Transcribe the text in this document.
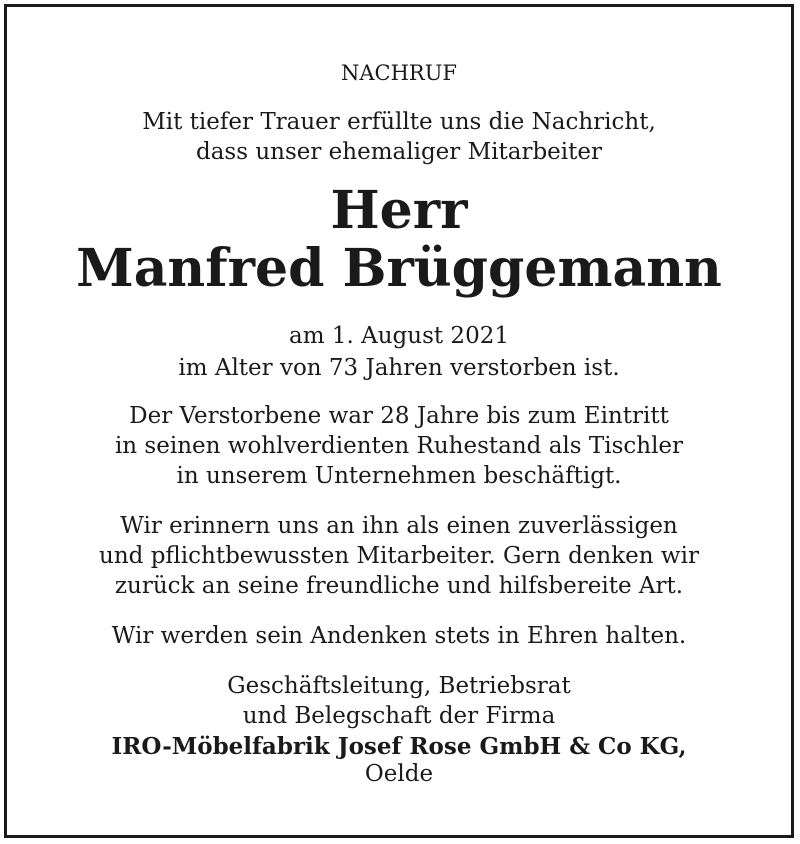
NACHRUF
Mit tiefer Trauer erfüllte uns die Nachricht,
dass unser ehemaliger Mitarbeiter
Herr
Manfred Brüggemann
am 1. August 2021
im Alter von 73 Jahren verstorben ist.
Der Verstorbene war 28 Jahre bis zum Eintritt
in seinen wohlverdienten Ruhestand als Tischler
in unserem Unternehmen beschäftigt.
Wir erinnern uns an ihn als einen zuverlässigen
und pflichtbewussten Mitarbeiter. Gern denken wir
zurück an seine freundliche und hilfsbereite Art.
Wir werden sein Andenken stets in Ehren halten.
Geschäftsleitung, Betriebsrat
und Belegschaft der Firma
IRO-Möbelfabrik Josef Rose GmbH & Co KG,
Oelde
